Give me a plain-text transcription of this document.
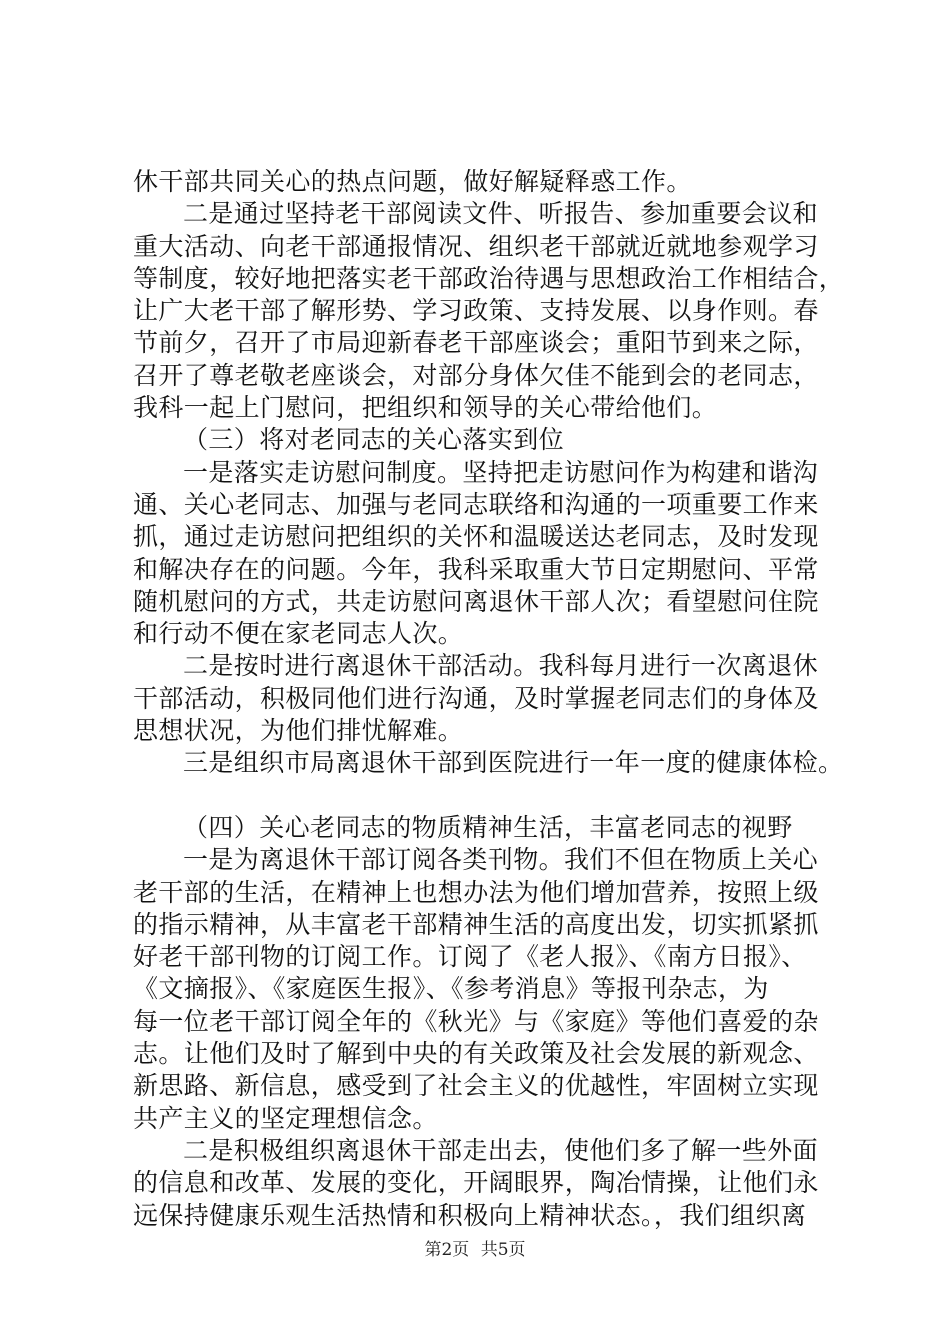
休干部共同关心的热点问题，做好解疑释惑工作。
二是通过坚持老干部阅读文件、听报告、参加重要会议和
重大活动、向老干部通报情况、组织老干部就近就地参观学习
等制度，较好地把落实老干部政治待遇与思想政治工作相结合，
让广大老干部了解形势、学习政策、支持发展、以身作则。春
节前夕，召开了市局迎新春老干部座谈会；重阳节到来之际，
召开了尊老敬老座谈会，对部分身体欠佳不能到会的老同志，
我科一起上门慰问，把组织和领导的关心带给他们。
（三）将对老同志的关心落实到位
一是落实走访慰问制度。坚持把走访慰问作为构建和谐沟
通、关心老同志、加强与老同志联络和沟通的一项重要工作来
抓，通过走访慰问把组织的关怀和温暖送达老同志，及时发现
和解决存在的问题。今年，我科采取重大节日定期慰问、平常
随机慰问的方式，共走访慰问离退休干部人次；看望慰问住院
和行动不便在家老同志人次。
二是按时进行离退休干部活动。我科每月进行一次离退休
干部活动，积极同他们进行沟通，及时掌握老同志们的身体及
思想状况，为他们排忧解难。
三是组织市局离退休干部到医院进行一年一度的健康体检。
（四）关心老同志的物质精神生活，丰富老同志的视野
一是为离退休干部订阅各类刊物。我们不但在物质上关心
老干部的生活，在精神上也想办法为他们增加营养，按照上级
的指示精神，从丰富老干部精神生活的高度出发，切实抓紧抓
好老干部刊物的订阅工作。订阅了《老人报》、《南方日报》、
《文摘报》、《家庭医生报》、《参考消息》等报刊杂志，为
每一位老干部订阅全年的《秋光》与《家庭》等他们喜爱的杂
志。让他们及时了解到中央的有关政策及社会发展的新观念、
新思路、新信息，感受到了社会主义的优越性，牢固树立实现
共产主义的坚定理想信念。
二是积极组织离退休干部走出去，使他们多了解一些外面
的信息和改革、发展的变化，开阔眼界，陶冶情操，让他们永
远保持健康乐观生活热情和积极向上精神状态。，我们组织离
第2页 共5页
